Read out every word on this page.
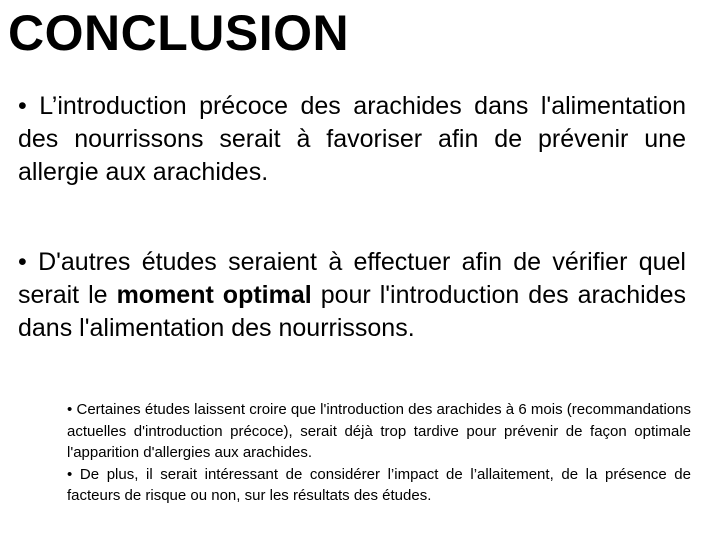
CONCLUSION

• L’introduction précoce des arachides dans l'alimentation des nourrissons serait à favoriser afin de prévenir une allergie aux arachides.

• D'autres études seraient à effectuer afin de vérifier quel serait le moment optimal pour l'introduction des arachides dans l'alimentation des nourrissons.

• Certaines études laissent croire que l'introduction des arachides à 6 mois (recommandations actuelles d'introduction précoce), serait déjà trop tardive pour prévenir de façon optimale l'apparition d'allergies aux arachides.

• De plus, il serait intéressant de considérer l’impact de l’allaitement, de la présence de facteurs de risque ou non, sur les résultats des études.
